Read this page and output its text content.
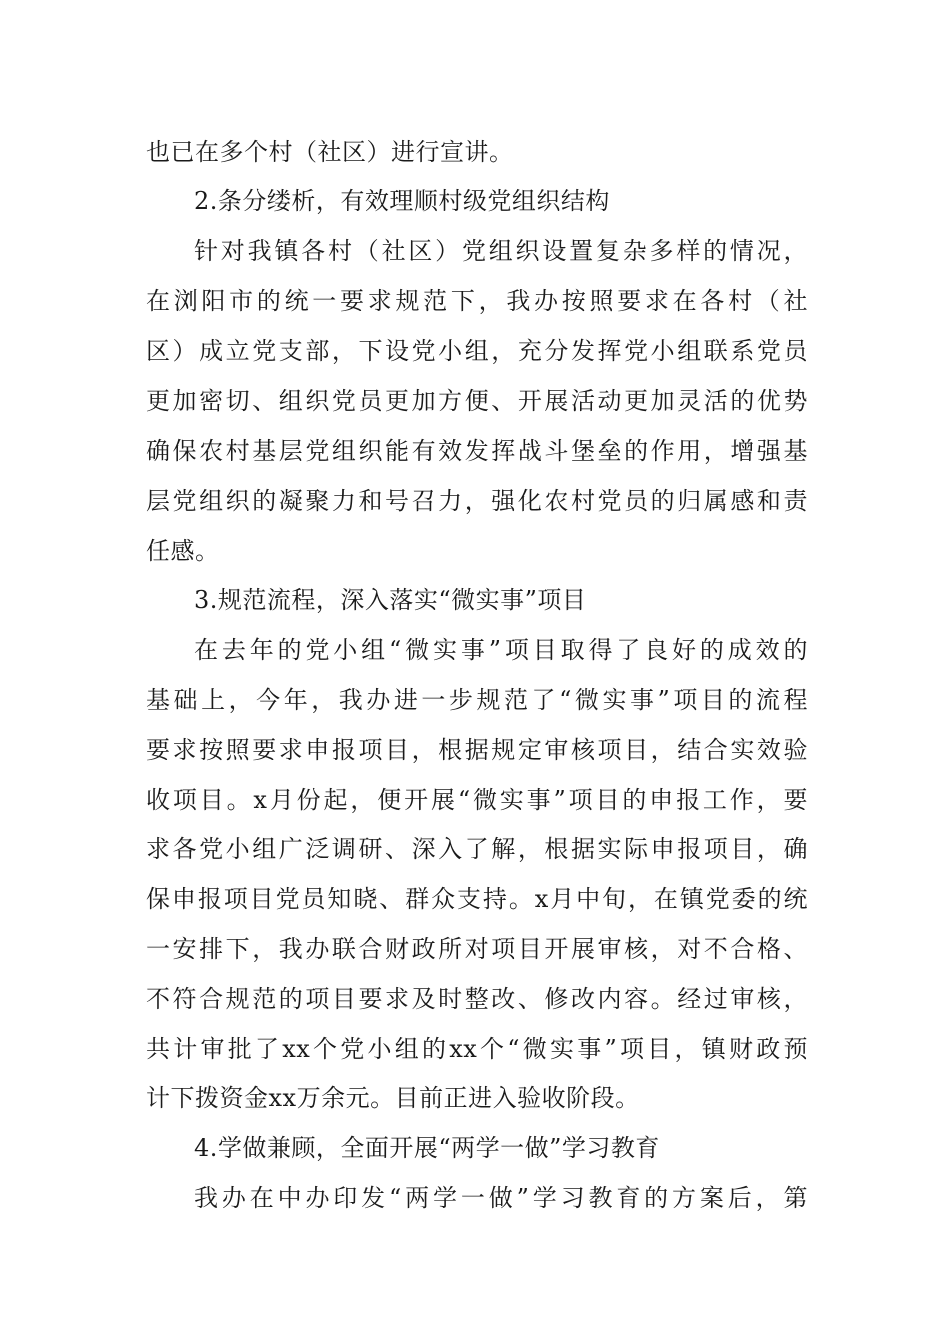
也已在多个村（社区）进行宣讲。
2.条分缕析，有效理顺村级党组织结构
针对我镇各村（社区）党组织设置复杂多样的情况，
在浏阳市的统一要求规范下，我办按照要求在各村（社
区）成立党支部，下设党小组，充分发挥党小组联系党员
更加密切、组织党员更加方便、开展活动更加灵活的优势
确保农村基层党组织能有效发挥战斗堡垒的作用，增强基
层党组织的凝聚力和号召力，强化农村党员的归属感和责
任感。
3.规范流程，深入落实“微实事”项目
在去年的党小组“微实事”项目取得了良好的成效的
基础上，今年，我办进一步规范了“微实事”项目的流程
要求按照要求申报项目，根据规定审核项目，结合实效验
收项目。x月份起，便开展“微实事”项目的申报工作，要
求各党小组广泛调研、深入了解，根据实际申报项目，确
保申报项目党员知晓、群众支持。x月中旬，在镇党委的统
一安排下，我办联合财政所对项目开展审核，对不合格、
不符合规范的项目要求及时整改、修改内容。经过审核，
共计审批了xx个党小组的xx个“微实事”项目，镇财政预
计下拨资金xx万余元。目前正进入验收阶段。
4.学做兼顾，全面开展“两学一做”学习教育
我办在中办印发“两学一做”学习教育的方案后，第
